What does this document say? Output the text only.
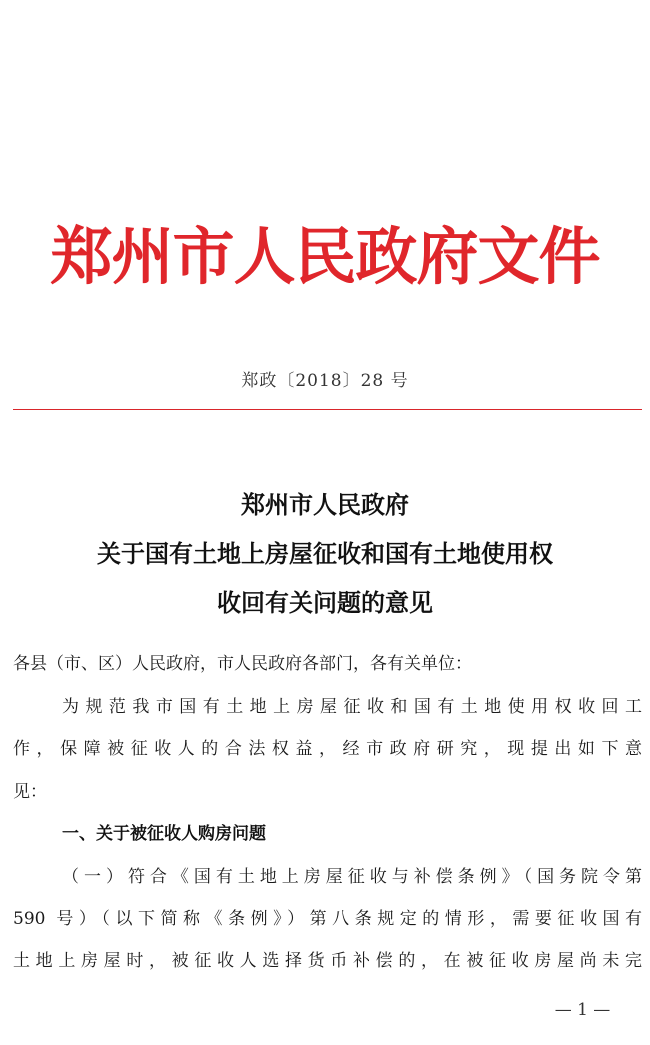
郑州市人民政府文件
郑政〔2018〕28 号
郑州市人民政府
关于国有土地上房屋征收和国有土地使用权
收回有关问题的意见
各县（市、区）人民政府，市人民政府各部门，各有关单位：
为规范我市国有土地上房屋征收和国有土地使用权收回工
作，保障被征收人的合法权益，经市政府研究，现提出如下意
见：
一、关于被征收人购房问题
（一）符合《国有土地上房屋征收与补偿条例》（国务院令第
590 号）（以下简称《条例》）第八条规定的情形，需要征收国有
土地上房屋时，被征收人选择货币补偿的，在被征收房屋尚未完
— 1 —
